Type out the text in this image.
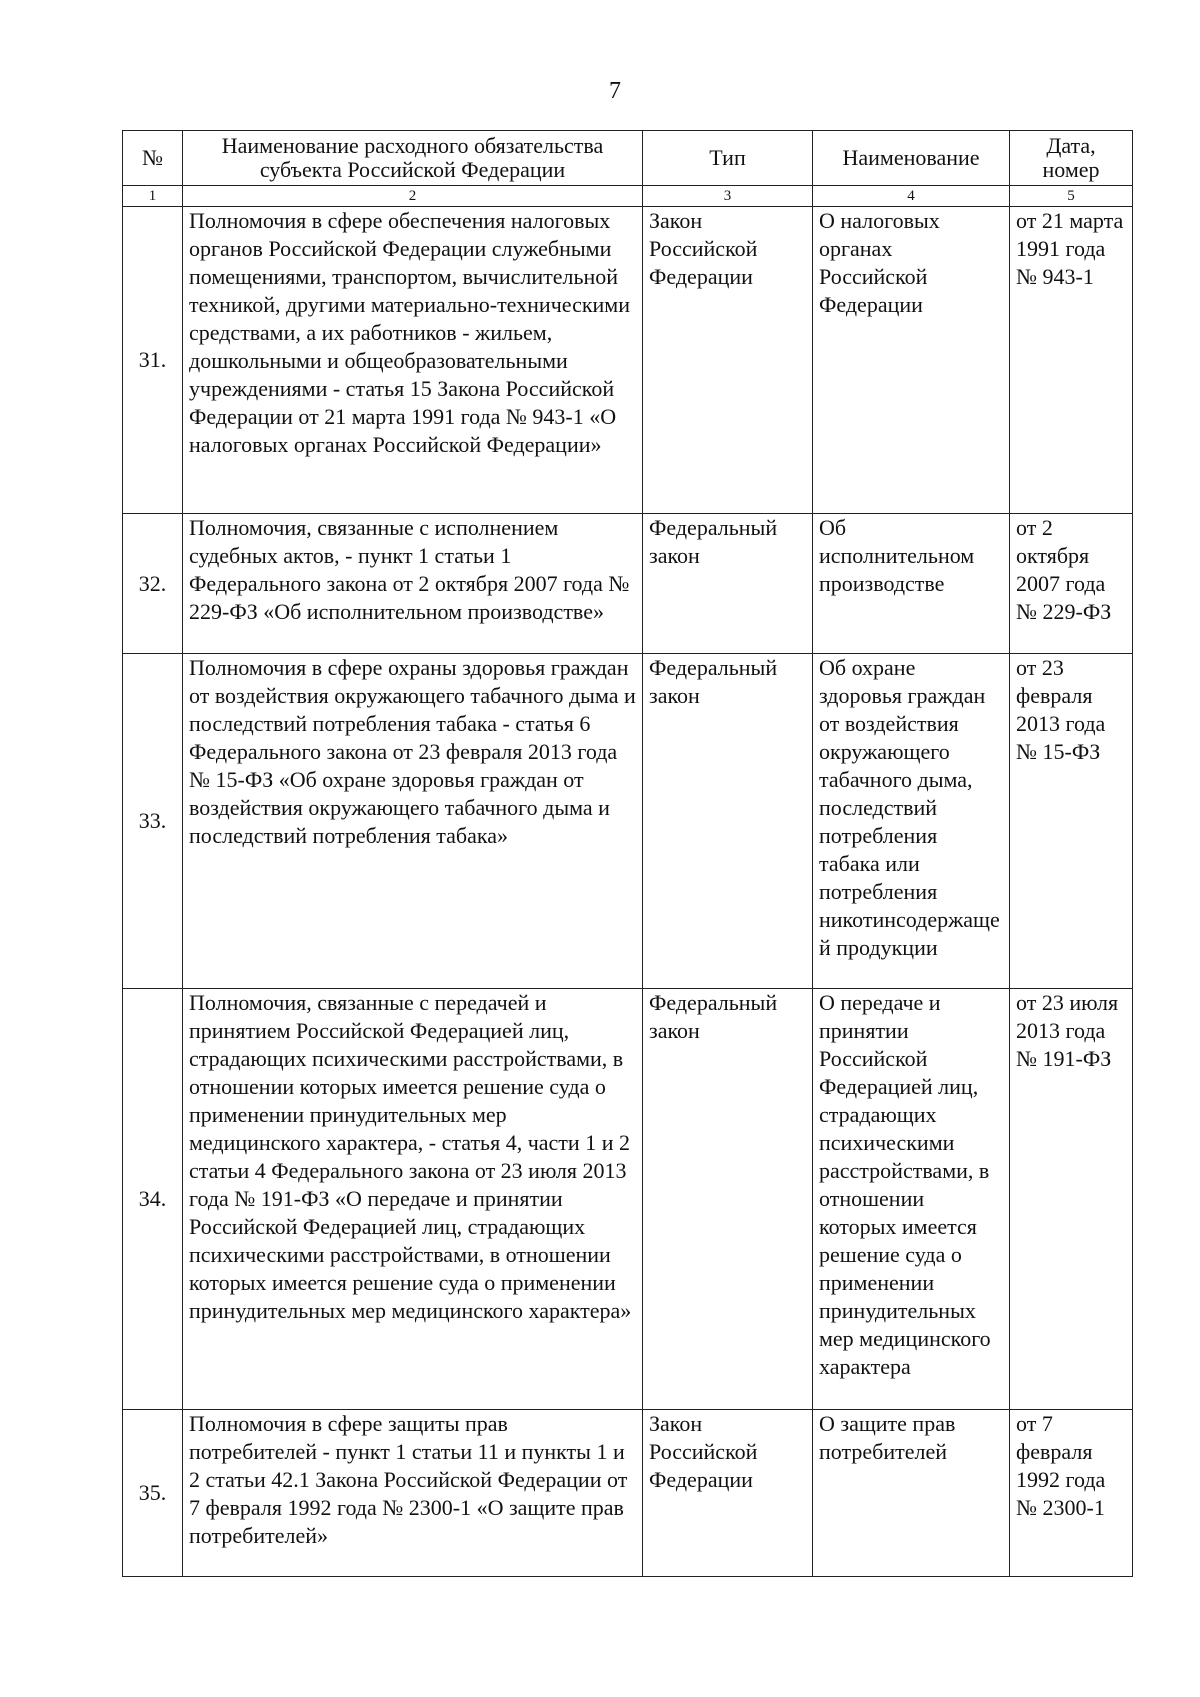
7
№	Наименование расходного обязательства субъекта Российской Федерации	Тип	Наименование	Дата, номер
1	2	3	4	5
31.	Полномочия в сфере обеспечения налоговых органов Российской Федерации служебными помещениями, транспортом, вычислительной техникой, другими материально-техническими средствами, а их работников - жильем, дошкольными и общеобразовательными учреждениями - статья 15 Закона Российской Федерации от 21 марта 1991 года № 943-1 «О налоговых органах Российской Федерации»	Закон Российской Федерации	О налоговых органах Российской Федерации	от 21 марта 1991 года № 943-1
32.	Полномочия, связанные с исполнением судебных актов, - пункт 1 статьи 1 Федерального закона от 2 октября 2007 года № 229-ФЗ «Об исполнительном производстве»	Федеральный закон	Об исполнительном производстве	от 2 октября 2007 года № 229-ФЗ
33.	Полномочия в сфере охраны здоровья граждан от воздействия окружающего табачного дыма и последствий потребления табака - статья 6 Федерального закона от 23 февраля 2013 года № 15-ФЗ «Об охране здоровья граждан от воздействия окружающего табачного дыма и последствий потребления табака»	Федеральный закон	Об охране здоровья граждан от воздействия окружающего табачного дыма, последствий потребления табака или потребления никотинсодержащей продукции	от 23 февраля 2013 года № 15-ФЗ
34.	Полномочия, связанные с передачей и принятием Российской Федерацией лиц, страдающих психическими расстройствами, в отношении которых имеется решение суда о применении принудительных мер медицинского характера, - статья 4, части 1 и 2 статьи 4 Федерального закона от 23 июля 2013 года № 191-ФЗ «О передаче и принятии Российской Федерацией лиц, страдающих психическими расстройствами, в отношении которых имеется решение суда о применении принудительных мер медицинского характера»	Федеральный закон	О передаче и принятии Российской Федерацией лиц, страдающих психическими расстройствами, в отношении которых имеется решение суда о применении принудительных мер медицинского характера	от 23 июля 2013 года № 191-ФЗ
35.	Полномочия в сфере защиты прав потребителей - пункт 1 статьи 11 и пункты 1 и 2 статьи 42.1 Закона Российской Федерации от 7 февраля 1992 года № 2300-1 «О защите прав потребителей»	Закон Российской Федерации	О защите прав потребителей	от 7 февраля 1992 года № 2300-1
